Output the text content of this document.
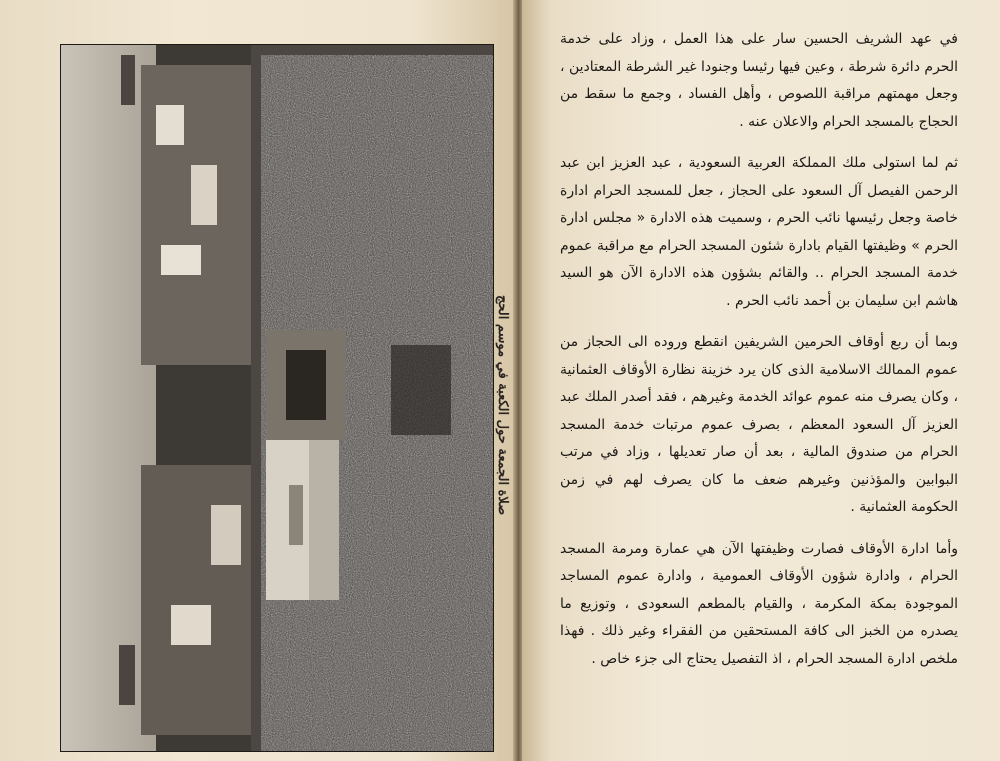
صلاة الجمعة حول الكعبة في موسم الحج

في عهد الشريف الحسين سار على هذا العمل ، وزاد على خدمة الحرم دائرة شرطة ، وعين فيها رئيسا وجنودا غير الشرطة المعتادين ، وجعل مهمتهم مراقبة اللصوص ، وأهل الفساد ، وجمع ما سقط من الحجاج بالمسجد الحرام والاعلان عنه .

ثم لما استولى ملك المملكة العربية السعودية ، عبد العزيز ابن عبد الرحمن الفيصل آل السعود على الحجاز ، جعل للمسجد الحرام ادارة خاصة وجعل رئيسها نائب الحرم ، وسميت هذه الادارة « مجلس ادارة الحرم » وظيفتها القيام بادارة شئون المسجد الحرام مع مراقبة عموم خدمة المسجد الحرام .. والقائم بشؤون هذه الادارة الآن هو السيد هاشم ابن سليمان بن أحمد نائب الحرم .

وبما أن ربع أوقاف الحرمين الشريفين انقطع وروده الى الحجاز من عموم الممالك الاسلامية الذى كان يرد خزينة نظارة الأوقاف العثمانية ، وكان يصرف منه عموم عوائد الخدمة وغيرهم ، فقد أصدر الملك عبد العزيز آل السعود المعظم ، بصرف عموم مرتبات خدمة المسجد الحرام من صندوق المالية ، بعد أن صار تعديلها ، وزاد في مرتب البوابين والمؤذنين وغيرهم ضعف ما كان يصرف لهم في زمن الحكومة العثمانية .

وأما ادارة الأوقاف فصارت وظيفتها الآن هي عمارة ومرمة المسجد الحرام ، وادارة شؤون الأوقاف العمومية ، وادارة عموم المساجد الموجودة بمكة المكرمة ، والقيام بالمطعم السعودى ، وتوزيع ما يصدره من الخبز الى كافة المستحقين من الفقراء وغير ذلك . فهذا ملخص ادارة المسجد الحرام ، اذ التفصيل يحتاج الى جزء خاص .
